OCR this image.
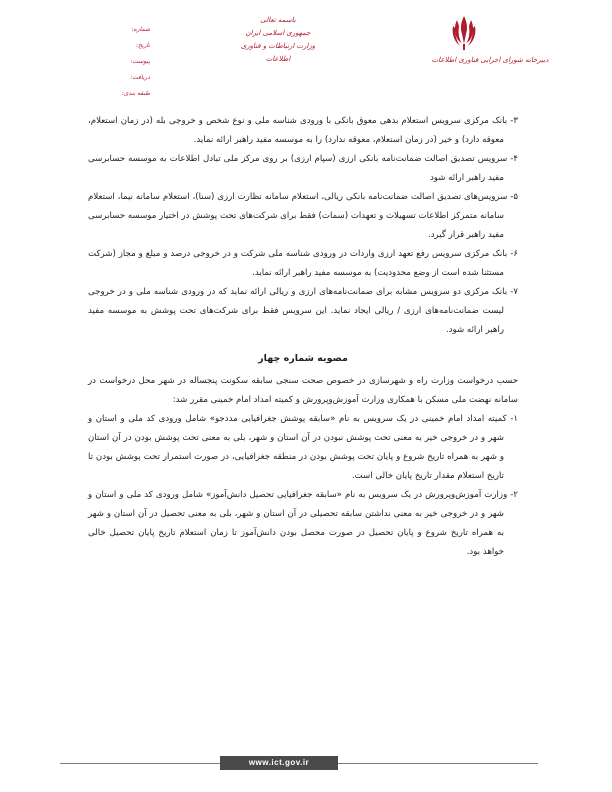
دبیرخانه شورای اجرایی فناوری اطلاعات
باسمه تعالی
جمهوری اسلامی ایران
وزارت ارتباطات و فناوری اطلاعات
شماره:
تاریخ:
پیوست:
دریافت:
طبقه بندی:

۳- بانک مرکزی سرویس استعلام بدهی معوق بانکی با ورودی شناسه ملی و نوع شخص و خروجی بله (در زمان استعلام، معوقه دارد) و خیر (در زمان استعلام، معوقه ندارد) را به موسسه مفید راهبر ارائه نماید.

۴- سرویس تصدیق اصالت ضمانت‌نامه بانکی ارزی (سپام ارزی) بر روی مرکز ملی تبادل اطلاعات به موسسه حسابرسی مفید راهبر ارائه شود

۵- سرویس‌های تصدیق اصالت ضمانت‌نامه بانکی ریالی، استعلام سامانه نظارت ارزی (سنا)، استعلام سامانه نیما، استعلام سامانه متمرکز اطلاعات تسهیلات و تعهدات (سمات) فقط برای شرکت‌های تحت پوشش در اختیار موسسه حسابرسی مفید راهبر قرار گیرد.

۶- بانک مرکزی سرویس رفع تعهد ارزی واردات در ورودی شناسه ملی شرکت و در خروجی درصد و مبلغ و مجاز (شرکت مستثنا شده است از وضع محدودیت) به موسسه مفید راهبر ارائه نماید.

۷- بانک مرکزی دو سرویس مشابه برای ضمانت‌نامه‌های ارزی و ریالی ارائه نماید که در ورودی شناسه ملی و در خروجی لیست ضمانت‌نامه‌های ارزی / ریالی ایجاد نماید. این سرویس فقط برای شرکت‌های تحت پوشش به موسسه مفید راهبر ارائه شود.

مصوبه شماره چهار

حسب درخواست وزارت راه و شهرسازی در خصوص صحت سنجی سابقه سکونت پنجساله در شهر محل درخواست در سامانه نهضت ملی مسکن با همکاری وزارت آموزش‌وپرورش و کمیته امداد امام خمینی مقرر شد:

۱- کمیته امداد امام خمینی در یک سرویس به نام «سابقه پوشش جغرافیایی مددجو» شامل ورودی کد ملی و استان و شهر و در خروجی خیر به معنی تحت پوشش نبودن در آن استان و شهر، بلی به معنی تحت پوشش بودن در آن استان و شهر به همراه تاریخ شروع و پایان تحت پوشش بودن در منطقه جغرافیایی، در صورت استمرار تحت پوشش بودن تا تاریخ استعلام مقدار تاریخ پایان خالی است.

۲- وزارت آموزش‌وپرورش در یک سرویس به نام «سابقه جغرافیایی تحصیل دانش‌آموز» شامل ورودی کد ملی و استان و شهر و در خروجی خیر به معنی نداشتن سابقه تحصیلی در آن استان و شهر، بلی به معنی تحصیل در آن استان و شهر به همراه تاریخ شروع و پایان تحصیل در صورت محصل بودن دانش‌آموز تا زمان استعلام تاریخ پایان تحصیل خالی خواهد بود.

www.ict.gov.ir
